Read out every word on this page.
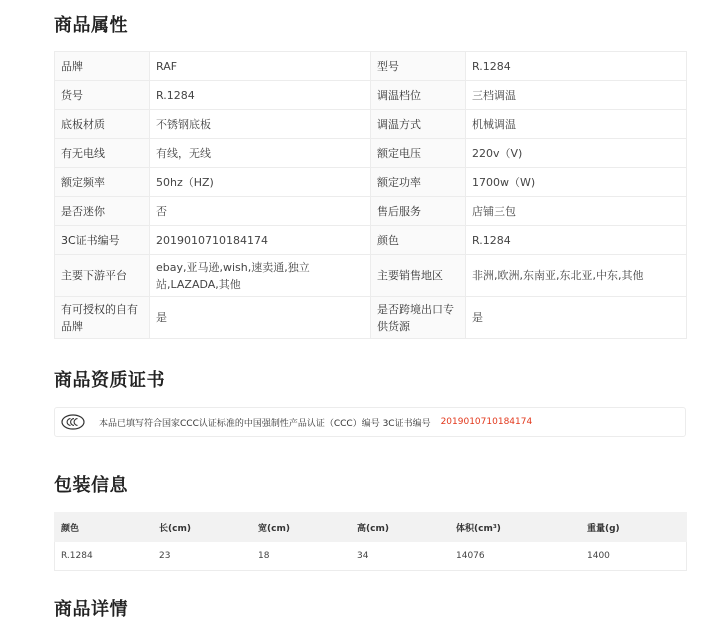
商品属性
品牌	RAF	型号	R.1284
货号	R.1284	调温档位	三档调温
底板材质	不锈钢底板	调温方式	机械调温
有无电线	有线，无线	额定电压	220v（V)
额定频率	50hz（HZ)	额定功率	1700w（W)
是否迷你	否	售后服务	店铺三包
3C证书编号	2019010710184174	颜色	R.1284
主要下游平台	ebay,亚马逊,wish,速卖通,独立站,LAZADA,其他	主要销售地区	非洲,欧洲,东南亚,东北亚,中东,其他
有可授权的自有品牌	是	是否跨境出口专供货源	是
商品资质证书
本品已填写符合国家CCC认证标准的中国强制性产品认证（CCC）编号 3C证书编号 2019010710184174
包装信息
颜色	长(cm)	宽(cm)	高(cm)	体积(cm³)	重量(g)
R.1284	23	18	34	14076	1400
商品详情
